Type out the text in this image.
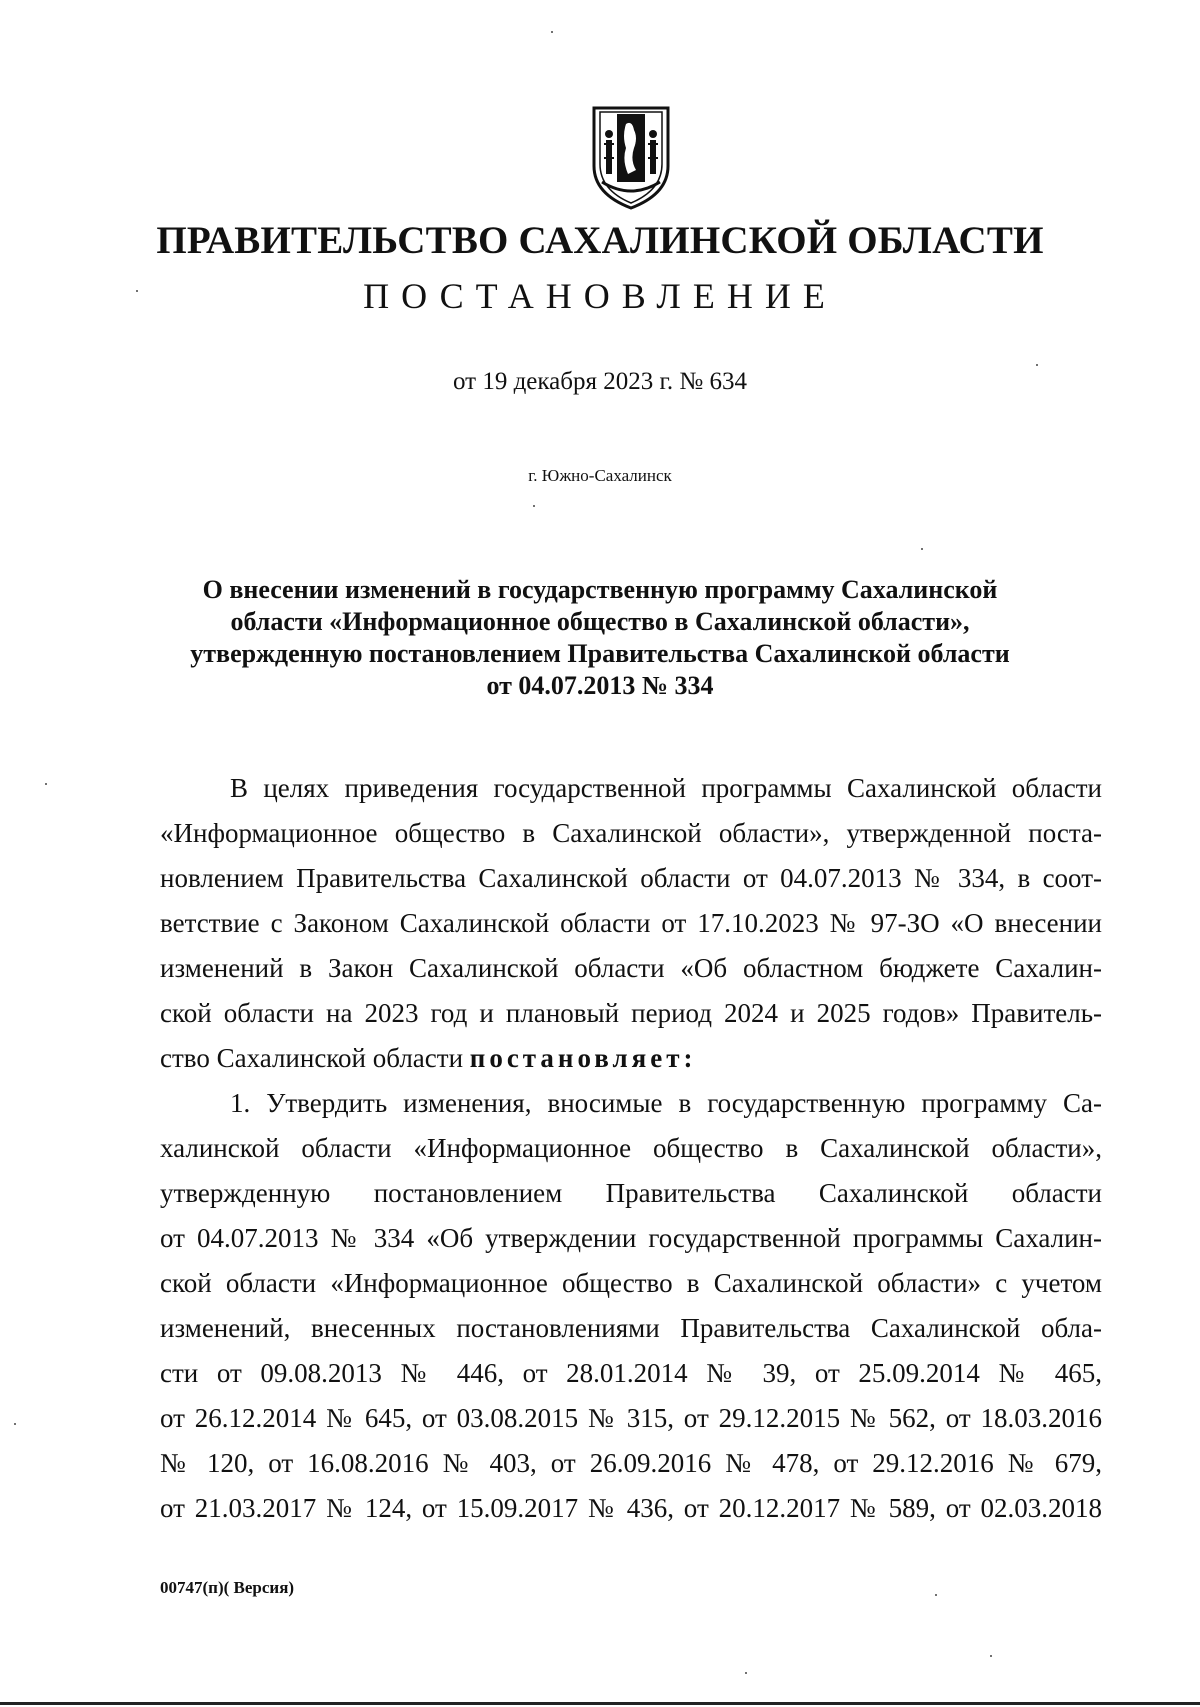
ПРАВИТЕЛЬСТВО САХАЛИНСКОЙ ОБЛАСТИ
ПОСТАНОВЛЕНИЕ
от 19 декабря 2023 г. № 634
г. Южно-Сахалинск
О внесении изменений в государственную программу Сахалинской
области «Информационное общество в Сахалинской области»,
утвержденную постановлением Правительства Сахалинской области
от 04.07.2013 № 334
В целях приведения государственной программы Сахалинской области
«Информационное общество в Сахалинской области», утвержденной поста-
новлением Правительства Сахалинской области от 04.07.2013 № 334, в соот-
ветствие с Законом Сахалинской области от 17.10.2023 № 97-ЗО «О внесении
изменений в Закон Сахалинской области «Об областном бюджете Сахалин-
ской области на 2023 год и плановый период 2024 и 2025 годов» Правитель-
ство Сахалинской области постановляет:
1. Утвердить изменения, вносимые в государственную программу Са-
халинской области «Информационное общество в Сахалинской области»,
утвержденную постановлением Правительства Сахалинской области
от 04.07.2013 № 334 «Об утверждении государственной программы Сахалин-
ской области «Информационное общество в Сахалинской области» с учетом
изменений, внесенных постановлениями Правительства Сахалинской обла-
сти от 09.08.2013 № 446, от 28.01.2014 № 39, от 25.09.2014 № 465,
от 26.12.2014 № 645, от 03.08.2015 № 315, от 29.12.2015 № 562, от 18.03.2016
№ 120, от 16.08.2016 № 403, от 26.09.2016 № 478, от 29.12.2016 № 679,
от 21.03.2017 № 124, от 15.09.2017 № 436, от 20.12.2017 № 589, от 02.03.2018
00747(п)( Версия)
